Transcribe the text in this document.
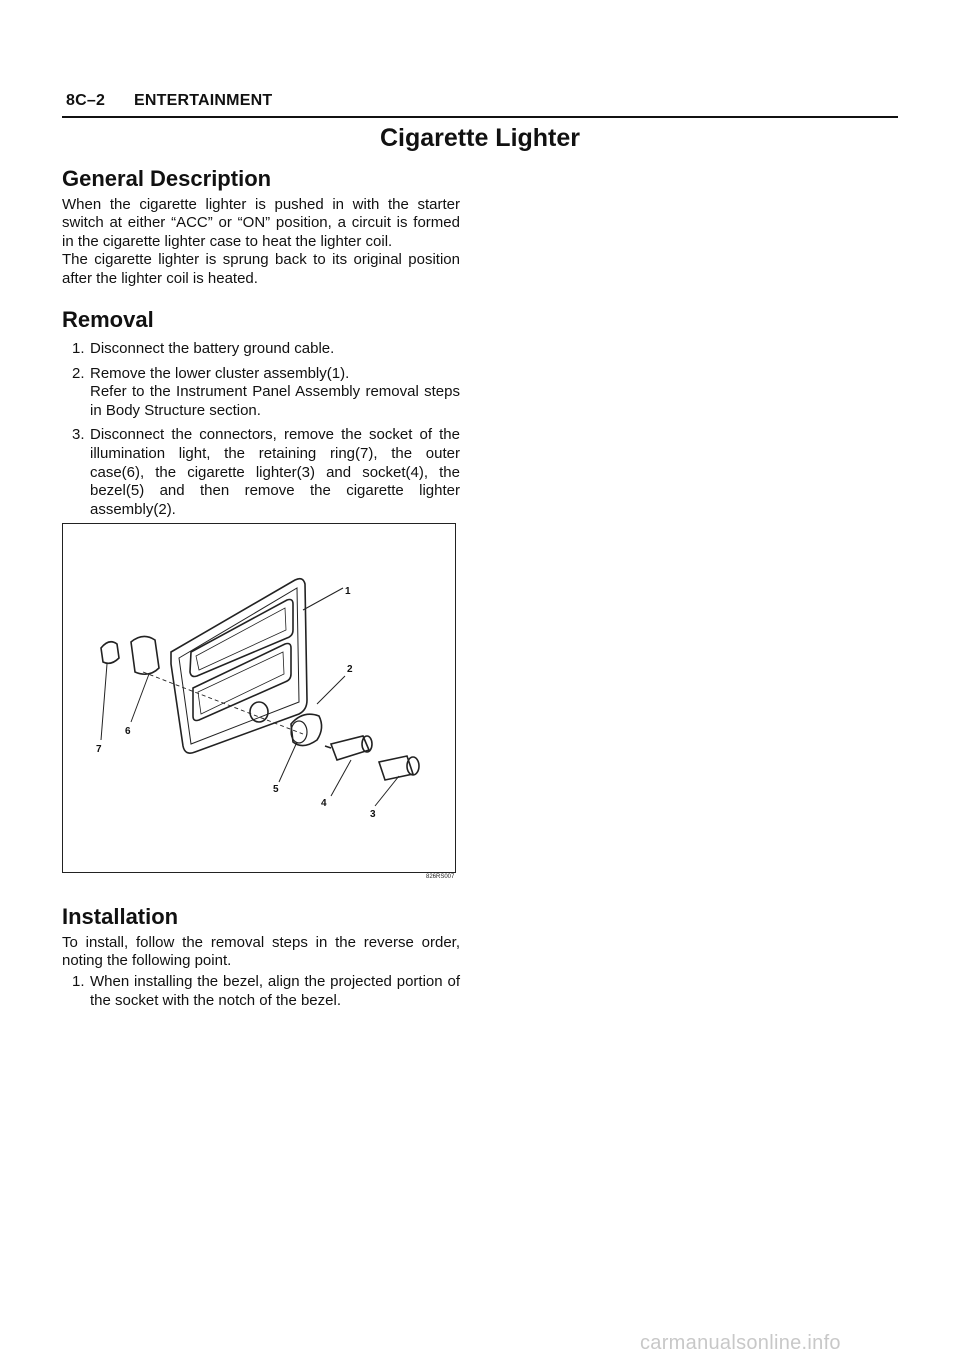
8C–2 ENTERTAINMENT
Cigarette Lighter
General Description
When the cigarette lighter is pushed in with the starter
switch at either “ACC” or “ON” position, a circuit is formed
in the cigarette lighter case to heat the lighter coil.
The cigarette lighter is sprung back to its original position
after the lighter coil is heated.
Removal
1. Disconnect the battery ground cable.
2. Remove the lower cluster assembly(1).
Refer to the Instrument Panel Assembly removal steps in Body Structure section.
3. Disconnect the connectors, remove the socket of the illumination light, the retaining ring(7), the outer case(6), the cigarette lighter(3) and socket(4), the bezel(5) and then remove the cigarette lighter assembly(2).
1
2
3
4
5
6
7
826RS007
Installation
To install, follow the removal steps in the reverse order,
noting the following point.
1. When installing the bezel, align the projected portion of the socket with the notch of the bezel.
carmanualsonline.info
